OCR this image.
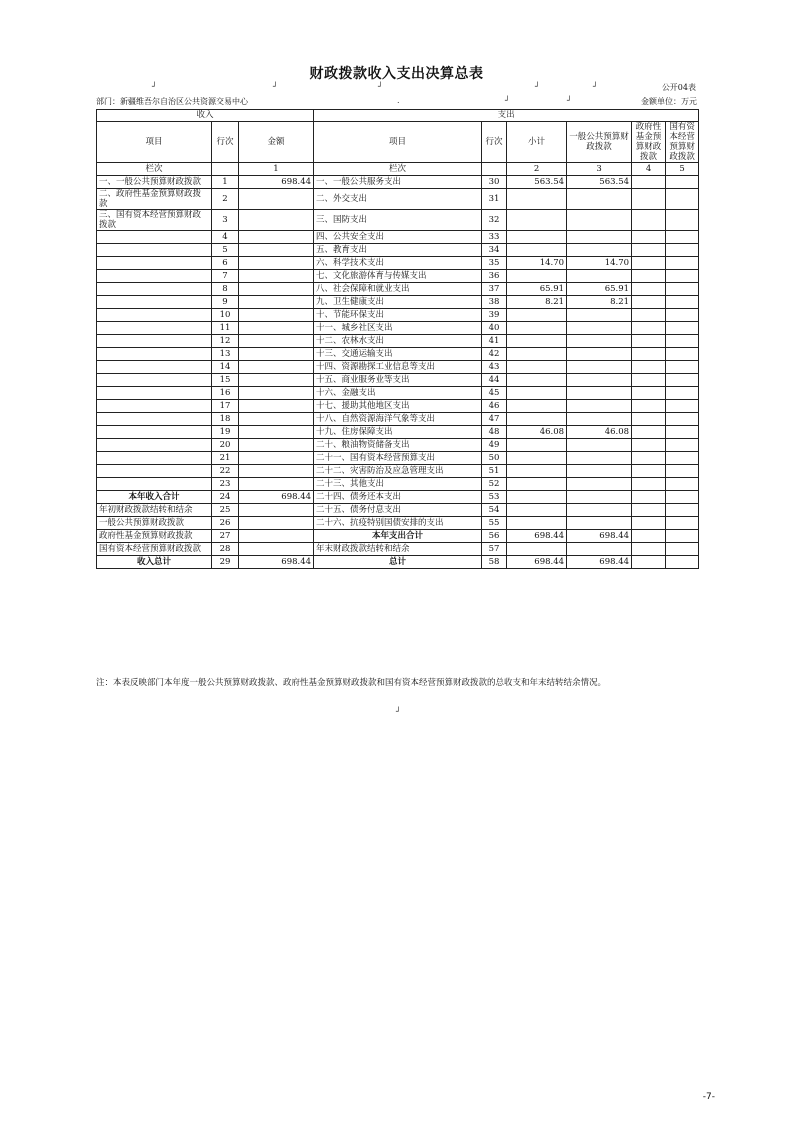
财政拨款收入支出决算总表
公开04表
部门：新疆维吾尔自治区公共资源交易中心	金额单位：万元
┘	┘	┘	┘	┘
.	┘	┘
收入			支出					
项目	行次	金额	项目	行次	小计	一般公共预算财政拨款	政府性基金预算财政拨款	国有资本经营预算财政拨款
栏次		1	栏次		2	3	4	5
一、一般公共预算财政拨款	1	698.44	一、一般公共服务支出	30	563.54	563.54		
二、政府性基金预算财政拨款	2		二、外交支出	31				
三、国有资本经营预算财政拨款	3		三、国防支出	32				
	4		四、公共安全支出	33				
	5		五、教育支出	34				
	6		六、科学技术支出	35	14.70	14.70		
	7		七、文化旅游体育与传媒支出	36				
	8		八、社会保障和就业支出	37	65.91	65.91		
	9		九、卫生健康支出	38	8.21	8.21		
	10		十、节能环保支出	39				
	11		十一、城乡社区支出	40				
	12		十二、农林水支出	41				
	13		十三、交通运输支出	42				
	14		十四、资源勘探工业信息等支出	43				
	15		十五、商业服务业等支出	44				
	16		十六、金融支出	45				
	17		十七、援助其他地区支出	46				
	18		十八、自然资源海洋气象等支出	47				
	19		十九、住房保障支出	48	46.08	46.08		
	20		二十、粮油物资储备支出	49				
	21		二十一、国有资本经营预算支出	50				
	22		二十二、灾害防治及应急管理支出	51				
	23		二十三、其他支出	52				
本年收入合计	24	698.44	二十四、债务还本支出	53				
年初财政拨款结转和结余	25		二十五、债务付息支出	54				
一般公共预算财政拨款	26		二十六、抗疫特别国债安排的支出	55				
政府性基金预算财政拨款	27		本年支出合计	56	698.44	698.44		
国有资本经营预算财政拨款	28		年末财政拨款结转和结余	57				
收入总计	29	698.44	总计	58	698.44	698.44		
注：本表反映部门本年度一般公共预算财政拨款、政府性基金预算财政拨款和国有资本经营预算财政拨款的总收支和年末结转结余情况。
┘
-7-
